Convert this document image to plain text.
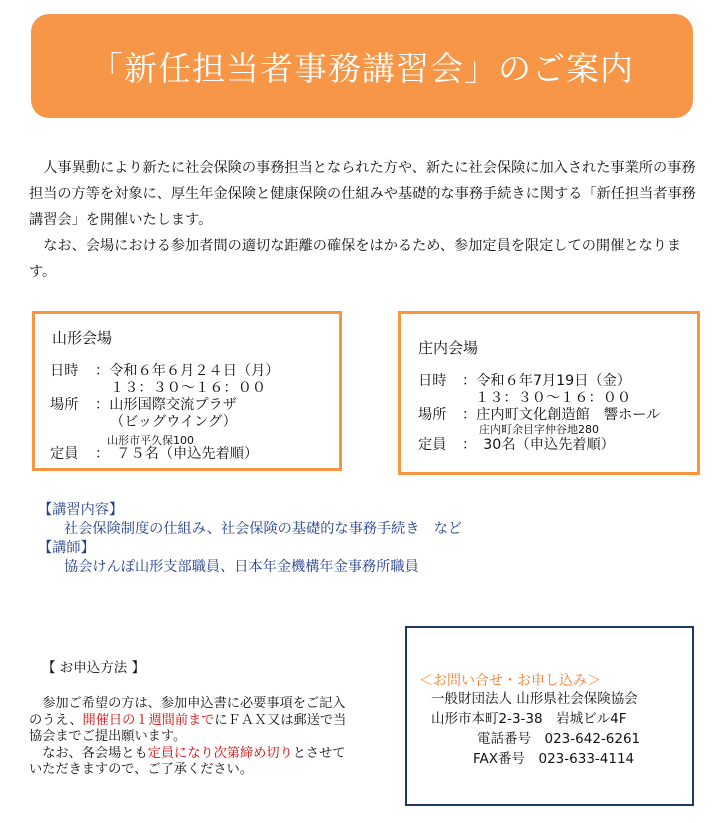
「新任担当者事務講習会」のご案内

人事異動により新たに社会保険の事務担当となられた方や、新たに社会保険に加入された事業所の事務担当の方等を対象に、厚生年金保険と健康保険の仕組みや基礎的な事務手続きに関する「新任担当者事務講習会」を開催いたします。

なお、会場における参加者間の適切な距離の確保をはかるため、参加定員を限定しての開催となります。

山形会場
日時 ：令和６年６月２４日（月）
１３：３０～１６：００
場所 ：山形国際交流プラザ
（ビッグウイング）
山形市平久保100
定員 ：　７５名（申込先着順）
庄内会場
日時 ：令和６年7月19日（金）
１３：３０～１６：００
場所 ：庄内町文化創造館　響ホール
庄内町余目字仲谷地280
定員 ：　30名（申込先着順）
【講習内容】
社会保険制度の仕組み、社会保険の基礎的な事務手続き　など
【講師】
協会けんぽ山形支部職員、日本年金機構年金事務所職員
【 お申込方法 】
参加ご希望の方は、参加申込書に必要事項をご記入のうえ、開催日の１週間前までにＦＡＸ又は郵送で当協会までご提出願います。
なお、各会場とも定員になり次第締め切りとさせていただきますので、ご了承ください。
＜お問い合せ・お申し込み＞
一般財団法人 山形県社会保険協会
山形市本町2-3-38　岩城ビル4F
電話番号　023-642-6261
FAX番号　023-633-4114
